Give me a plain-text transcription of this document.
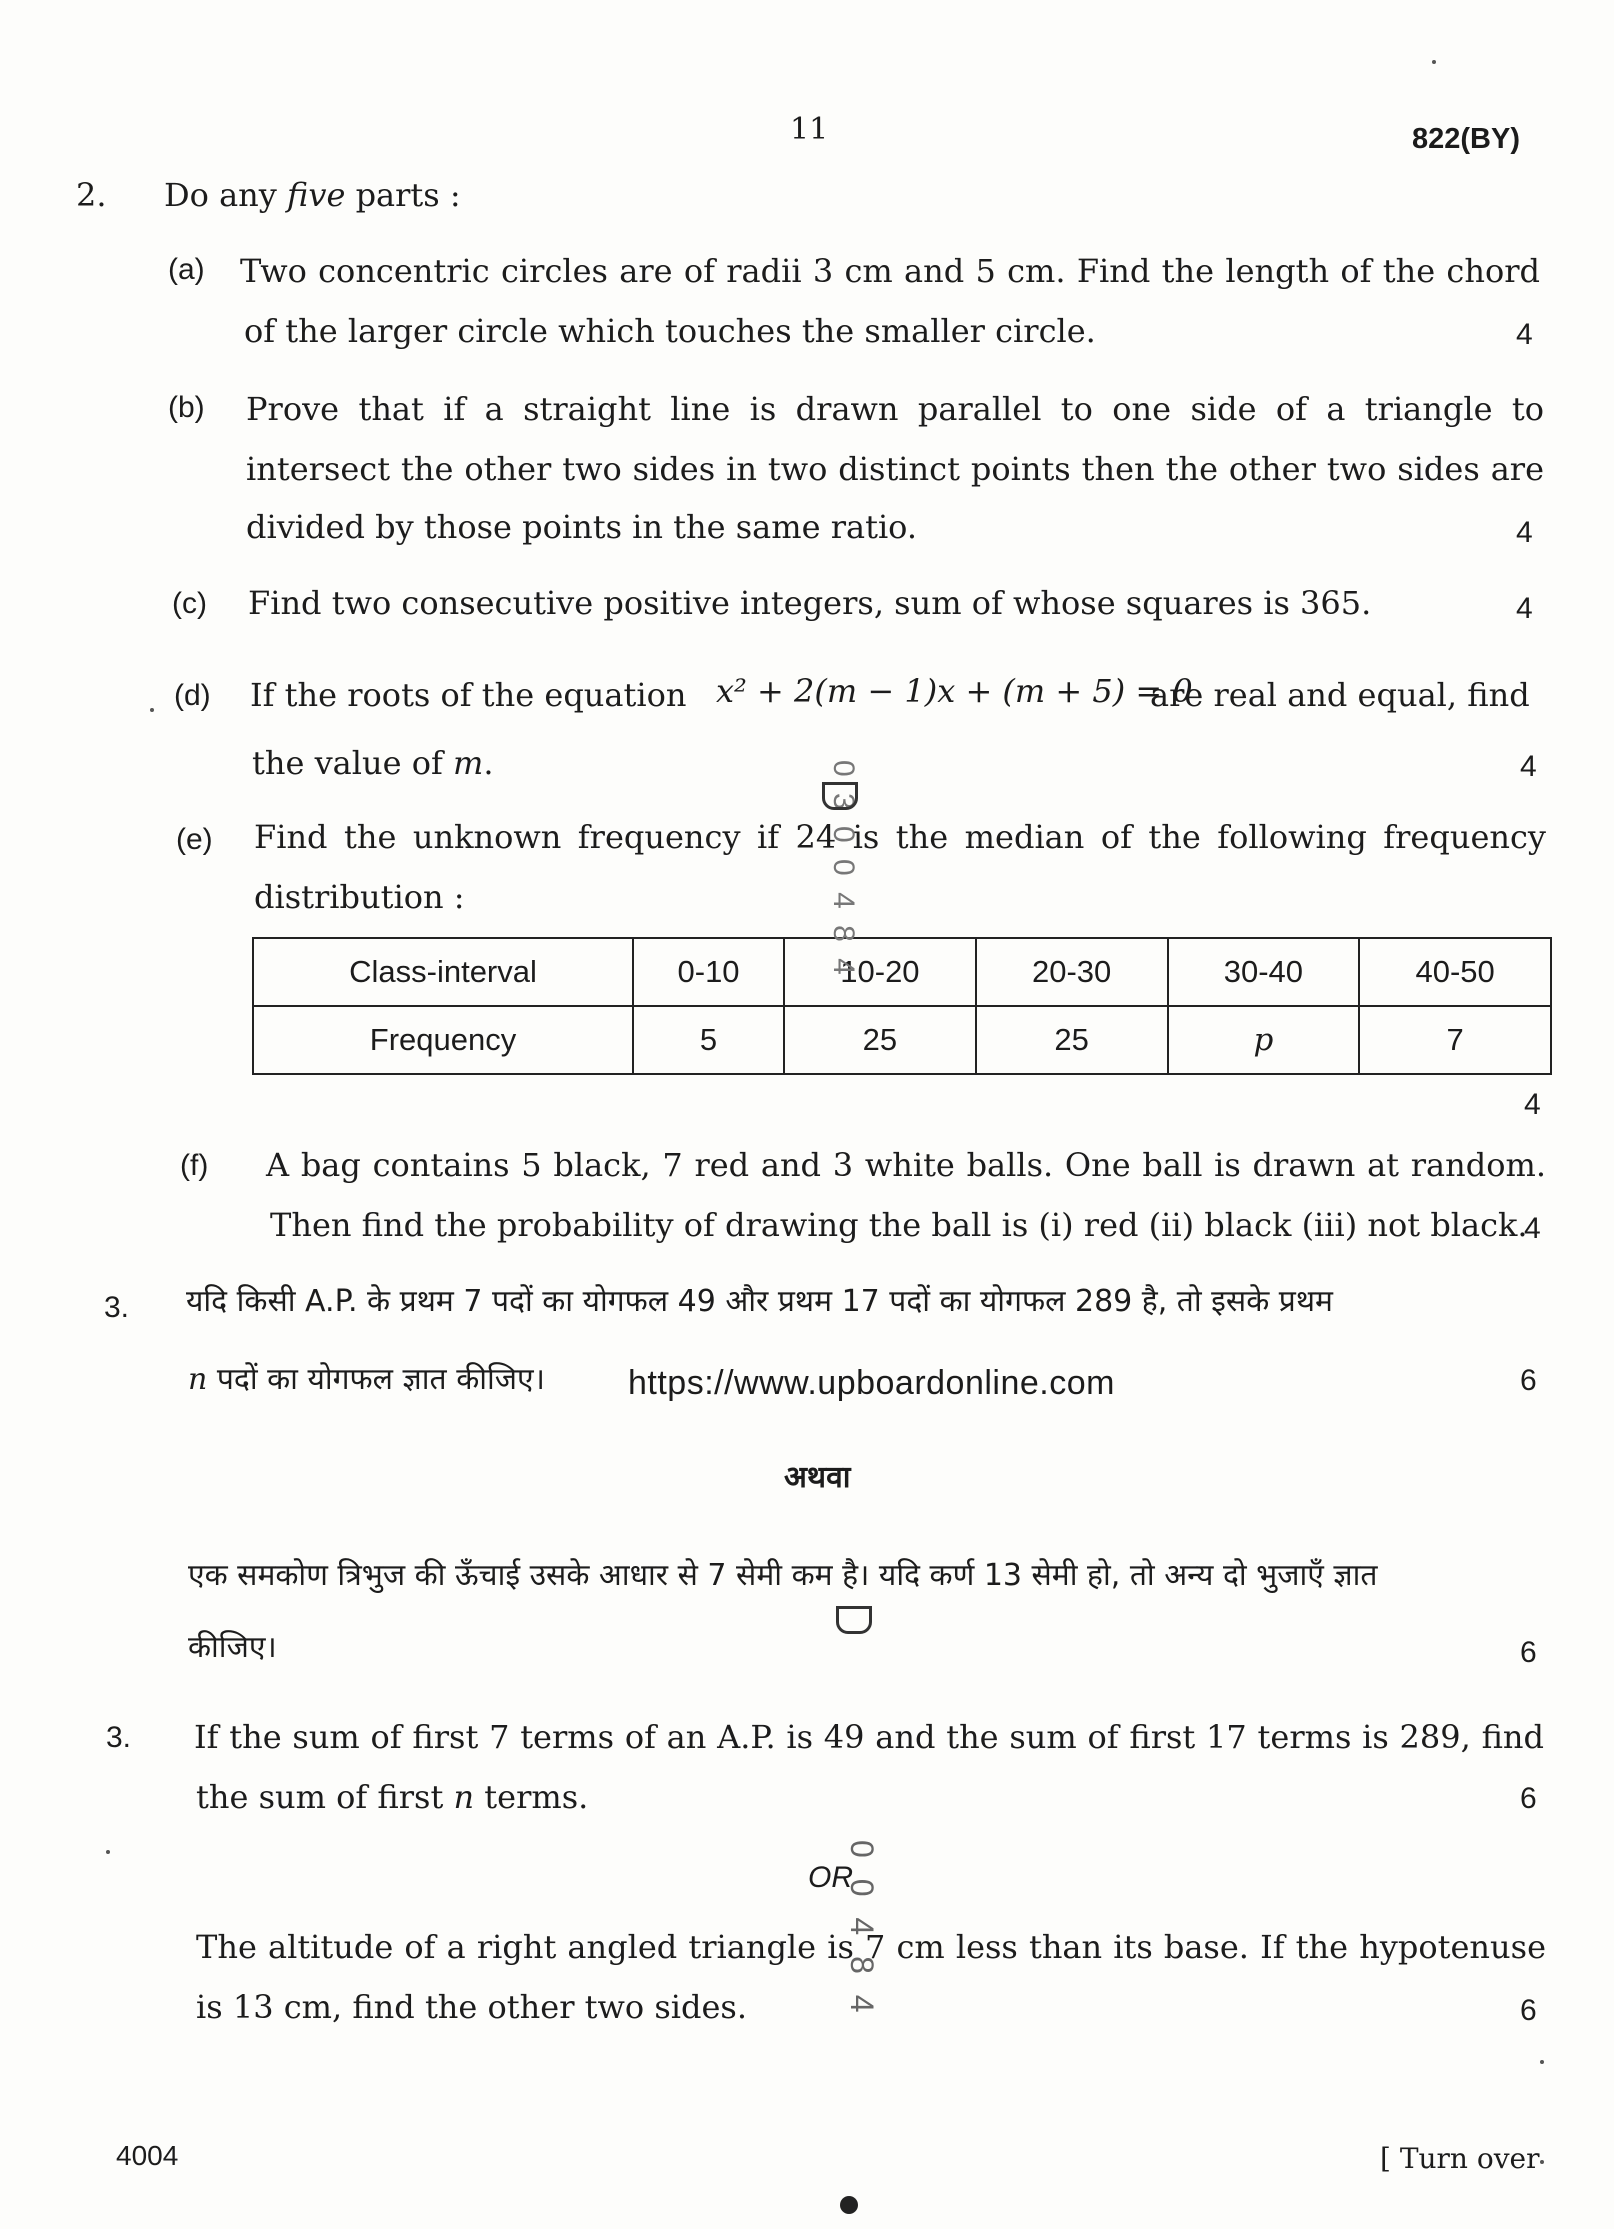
11	822(BY)
2. Do any five parts :
(a) Two concentric circles are of radii 3 cm and 5 cm. Find the length of the chord
of the larger circle which touches the smaller circle.	4
(b) Prove that if a straight line is drawn parallel to one side of a triangle to
intersect the other two sides in two distinct points then the other two sides are
divided by those points in the same ratio.	4
(c) Find two consecutive positive integers, sum of whose squares is 365.	4
(d) If the roots of the equation x² + 2(m − 1)x + (m + 5) = 0
are real and equal, find
the value of m.	4
(e) Find the unknown frequency if 24 is the median of the following frequency
distribution :
Class-interval	0-10	10-20	20-30	30-40	40-50
Frequency	5	25	25	p	7
4
(f) A bag contains 5 black, 7 red and 3 white balls. One ball is drawn at random.
Then find the probability of drawing the ball is (i) red (ii) black (iii) not black.
4
3. यदि किसी A.P. के प्रथम 7 पदों का योगफल 49 और प्रथम 17 पदों का योगफल 289 है, तो इसके प्रथम
n पदों का योगफल ज्ञात कीजिए। https://www.upboardonline.com	6
अथवा
एक समकोण त्रिभुज की ऊँचाई उसके आधार से 7 सेमी कम है। यदि कर्ण 13 सेमी हो, तो अन्य दो भुजाएँ ज्ञात
कीजिए।	6
3. If the sum of first 7 terms of an A.P. is 49 and the sum of first 17 terms is 289, find
the sum of first n terms.	6
OR
The altitude of a right angled triangle is 7 cm less than its base. If the hypotenuse
is 13 cm, find the other two sides.	6
4004	[ Turn over
0 3 0 0 4 8 4
0 0 4 8 4
